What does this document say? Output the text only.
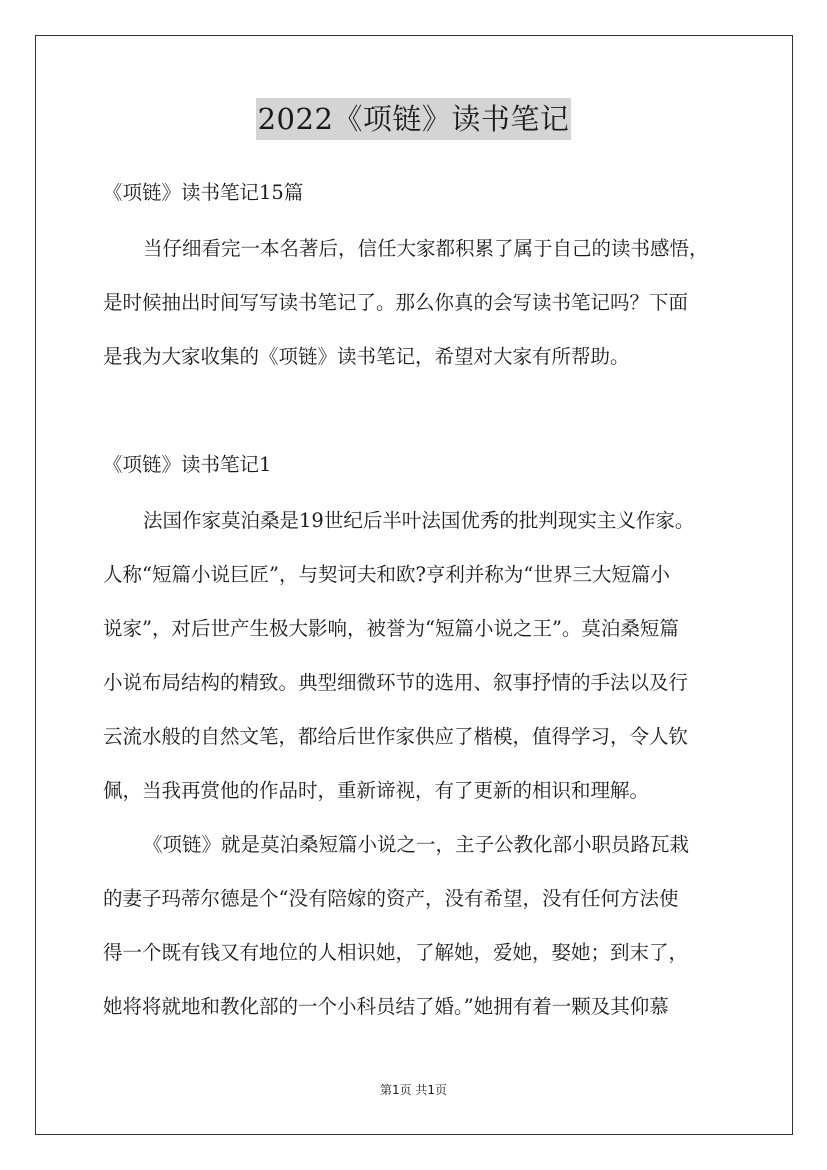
2022《项链》读书笔记
《项链》读书笔记15篇
当仔细看完一本名著后，信任大家都积累了属于自己的读书感悟，
是时候抽出时间写写读书笔记了。那么你真的会写读书笔记吗？下面
是我为大家收集的《项链》读书笔记，希望对大家有所帮助。
《项链》读书笔记1
法国作家莫泊桑是19世纪后半叶法国优秀的批判现实主义作家。
人称“短篇小说巨匠”，与契诃夫和欧?亨利并称为“世界三大短篇小
说家”，对后世产生极大影响，被誉为“短篇小说之王”。莫泊桑短篇
小说布局结构的精致。典型细微环节的选用、叙事抒情的手法以及行
云流水般的自然文笔，都给后世作家供应了楷模，值得学习，令人钦
佩，当我再赏他的作品时，重新谛视，有了更新的相识和理解。
《项链》就是莫泊桑短篇小说之一，主子公教化部小职员路瓦栽
的妻子玛蒂尔德是个“没有陪嫁的资产，没有希望，没有任何方法使
得一个既有钱又有地位的人相识她，了解她，爱她，娶她；到末了，
她将将就地和教化部的一个小科员结了婚。”她拥有着一颗及其仰慕
第1页 共1页
